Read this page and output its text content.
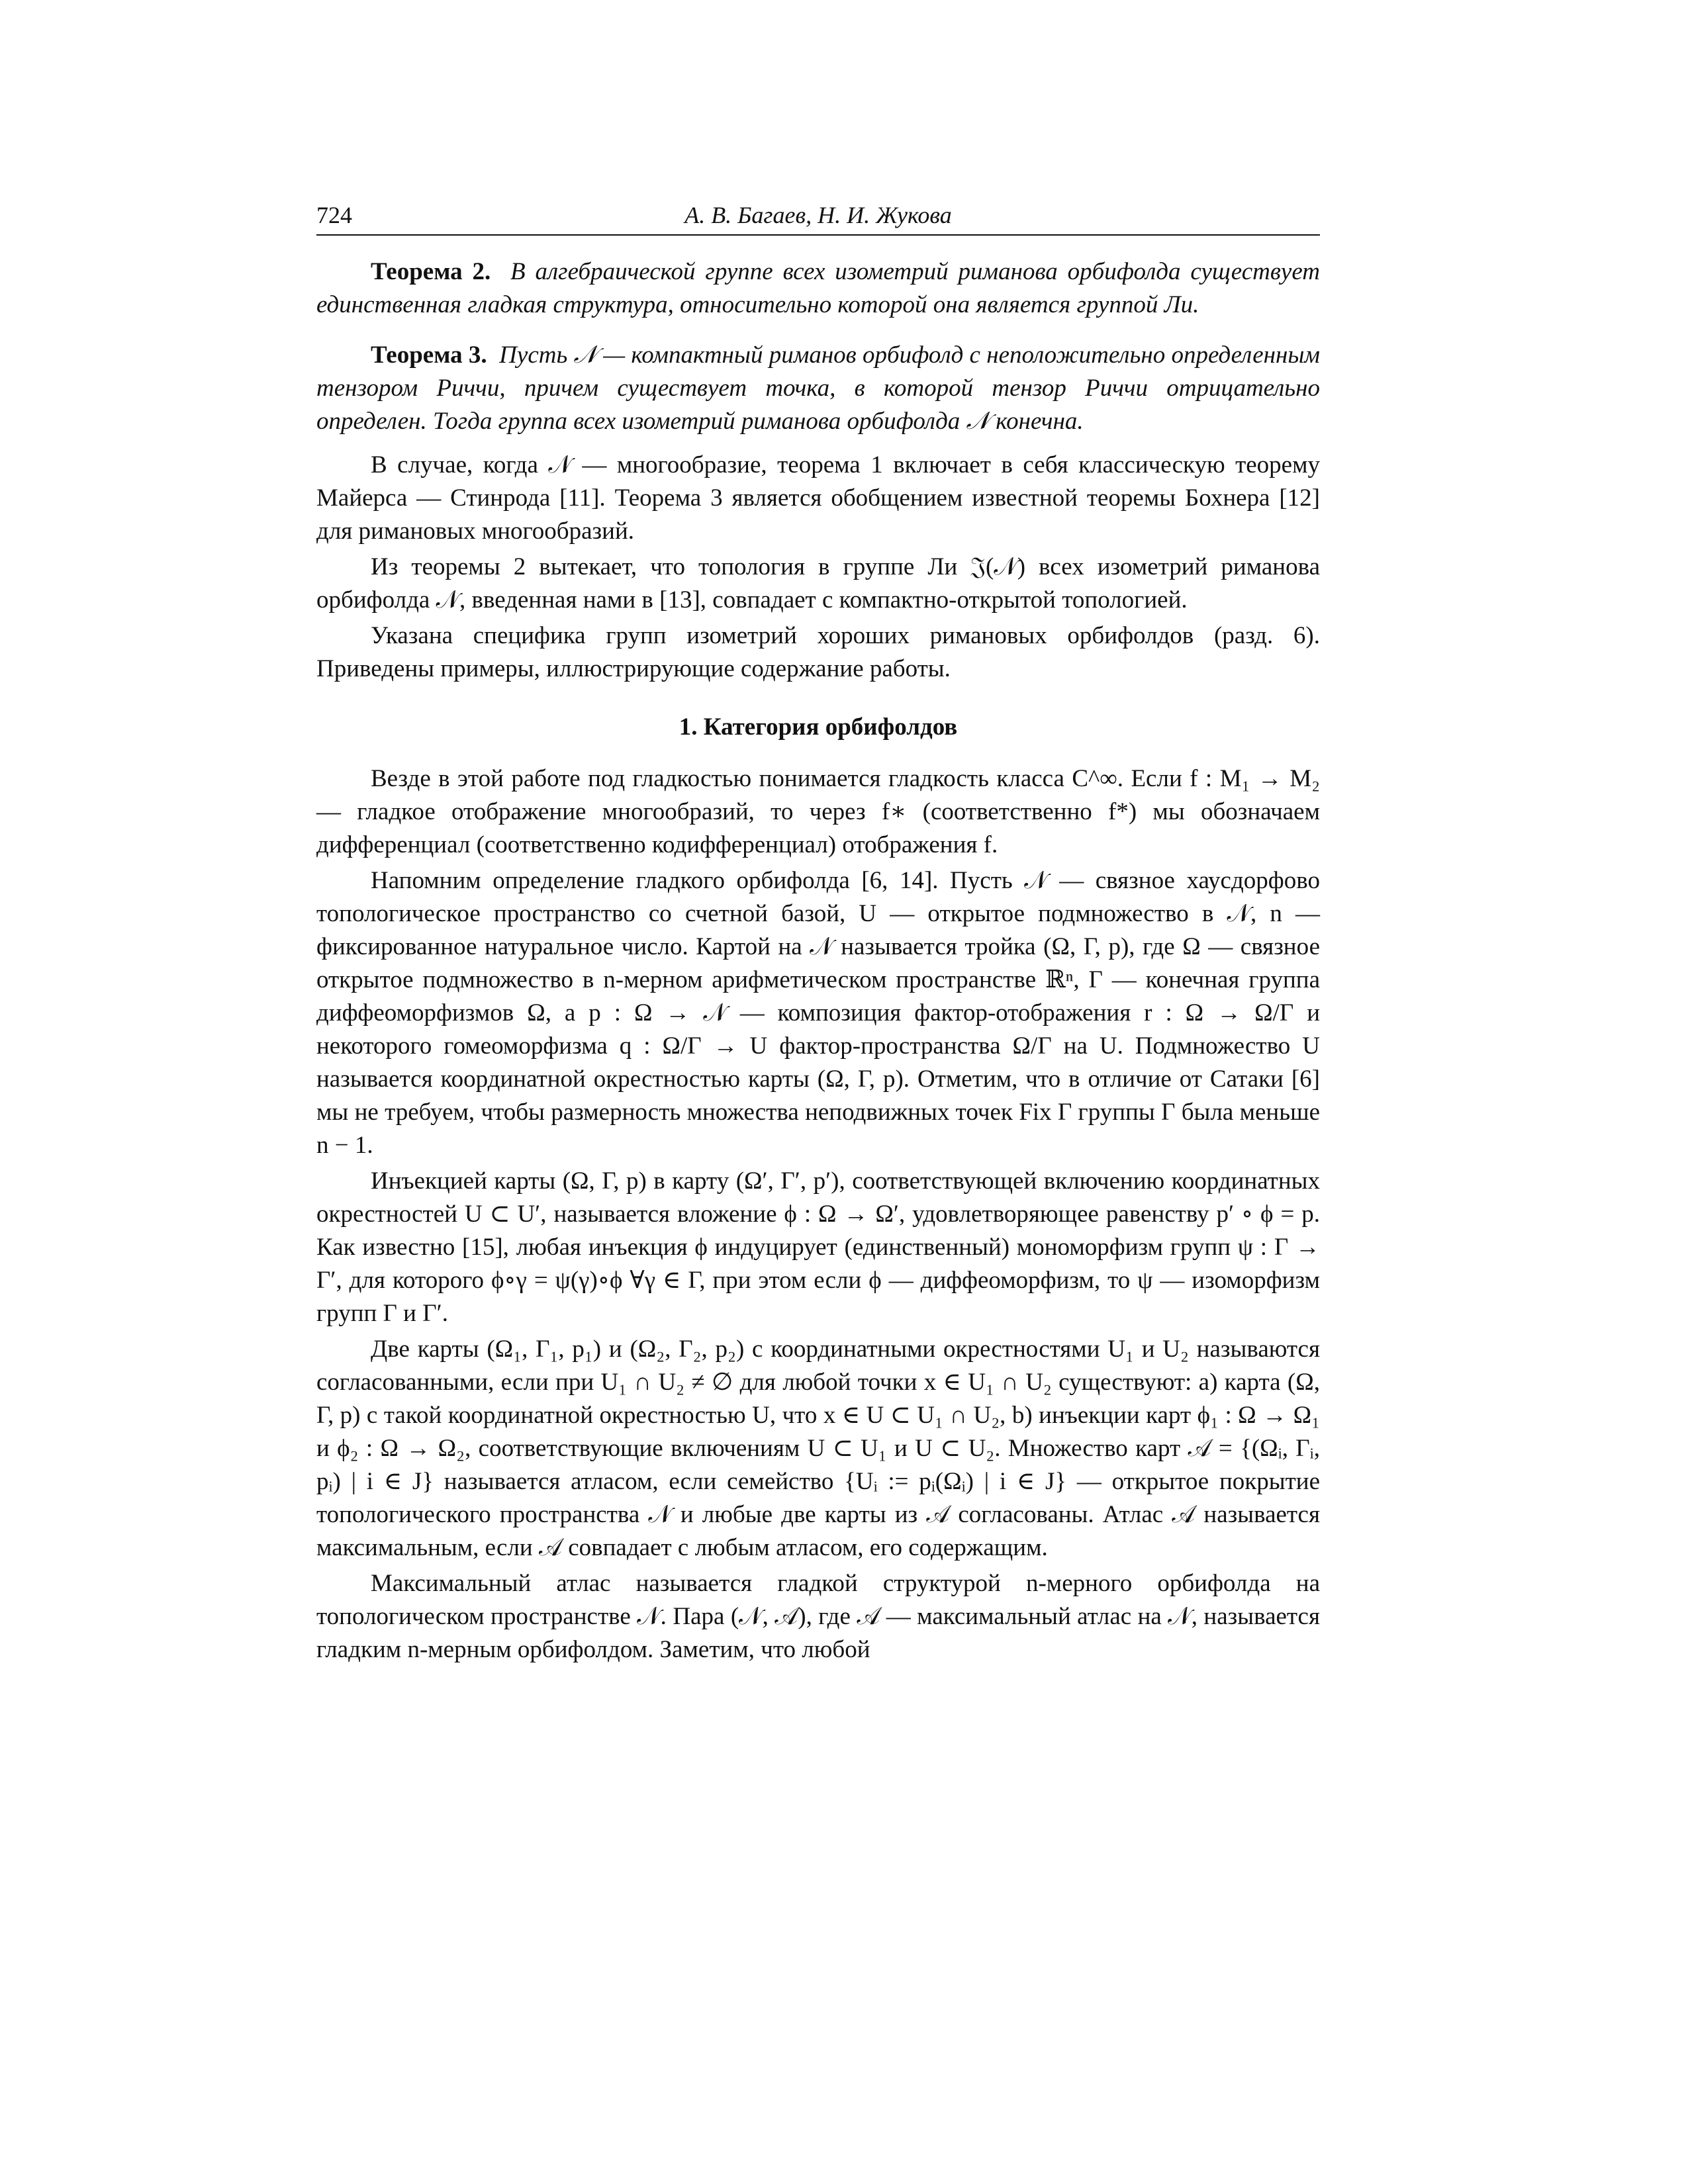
724	А. В. Багаев, Н. И. Жукова

Теорема 2. В алгебраической группе всех изометрий риманова орбифолда существует единственная гладкая структура, относительно которой она является группой Ли.

Теорема 3. Пусть 𝒩 — компактный риманов орбифолд с неположительно определенным тензором Риччи, причем существует точка, в которой тензор Риччи отрицательно определен. Тогда группа всех изометрий риманова орбифолда 𝒩 конечна.

В случае, когда 𝒩 — многообразие, теорема 1 включает в себя классическую теорему Майерса — Стинрода [11]. Теорема 3 является обобщением известной теоремы Бохнера [12] для римановых многообразий.

Из теоремы 2 вытекает, что топология в группе Ли 𝔍(𝒩) всех изометрий риманова орбифолда 𝒩, введенная нами в [13], совпадает с компактно-открытой топологией.

Указана специфика групп изометрий хороших римановых орбифолдов (разд. 6). Приведены примеры, иллюстрирующие содержание работы.

1. Категория орбифолдов

Везде в этой работе под гладкостью понимается гладкость класса C^∞. Если f : M₁ → M₂ — гладкое отображение многообразий, то через f∗ (соответственно f*) мы обозначаем дифференциал (соответственно кодифференциал) отображения f.

Напомним определение гладкого орбифолда [6, 14]. Пусть 𝒩 — связное хаусдорфово топологическое пространство со счетной базой, U — открытое подмножество в 𝒩, n — фиксированное натуральное число. Картой на 𝒩 называется тройка (Ω, Γ, p), где Ω — связное открытое подмножество в n-мерном арифметическом пространстве ℝⁿ, Γ — конечная группа диффеоморфизмов Ω, а p : Ω → 𝒩 — композиция фактор-отображения r : Ω → Ω/Γ и некоторого гомеоморфизма q : Ω/Γ → U фактор-пространства Ω/Γ на U. Подмножество U называется координатной окрестностью карты (Ω, Γ, p). Отметим, что в отличие от Сатаки [6] мы не требуем, чтобы размерность множества неподвижных точек Fix Γ группы Γ была меньше n − 1.

Инъекцией карты (Ω, Γ, p) в карту (Ω′, Γ′, p′), соответствующей включению координатных окрестностей U ⊂ U′, называется вложение ϕ : Ω → Ω′, удовлетворяющее равенству p′ ∘ ϕ = p. Как известно [15], любая инъекция ϕ индуцирует (единственный) мономорфизм групп ψ : Γ → Γ′, для которого ϕ∘γ = ψ(γ)∘ϕ ∀γ ∈ Γ, при этом если ϕ — диффеоморфизм, то ψ — изоморфизм групп Γ и Γ′.

Две карты (Ω₁, Γ₁, p₁) и (Ω₂, Γ₂, p₂) с координатными окрестностями U₁ и U₂ называются согласованными, если при U₁ ∩ U₂ ≠ ∅ для любой точки x ∈ U₁ ∩ U₂ существуют: a) карта (Ω, Γ, p) с такой координатной окрестностью U, что x ∈ U ⊂ U₁ ∩ U₂, b) инъекции карт ϕ₁ : Ω → Ω₁ и ϕ₂ : Ω → Ω₂, соответствующие включениям U ⊂ U₁ и U ⊂ U₂. Множество карт 𝒜 = {(Ωᵢ, Γᵢ, pᵢ) | i ∈ J} называется атласом, если семейство {Uᵢ := pᵢ(Ωᵢ) | i ∈ J} — открытое покрытие топологического пространства 𝒩 и любые две карты из 𝒜 согласованы. Атлас 𝒜 называется максимальным, если 𝒜 совпадает с любым атласом, его содержащим.

Максимальный атлас называется гладкой структурой n-мерного орбифолда на топологическом пространстве 𝒩. Пара (𝒩, 𝒜), где 𝒜 — максимальный атлас на 𝒩, называется гладким n-мерным орбифолдом. Заметим, что любой
